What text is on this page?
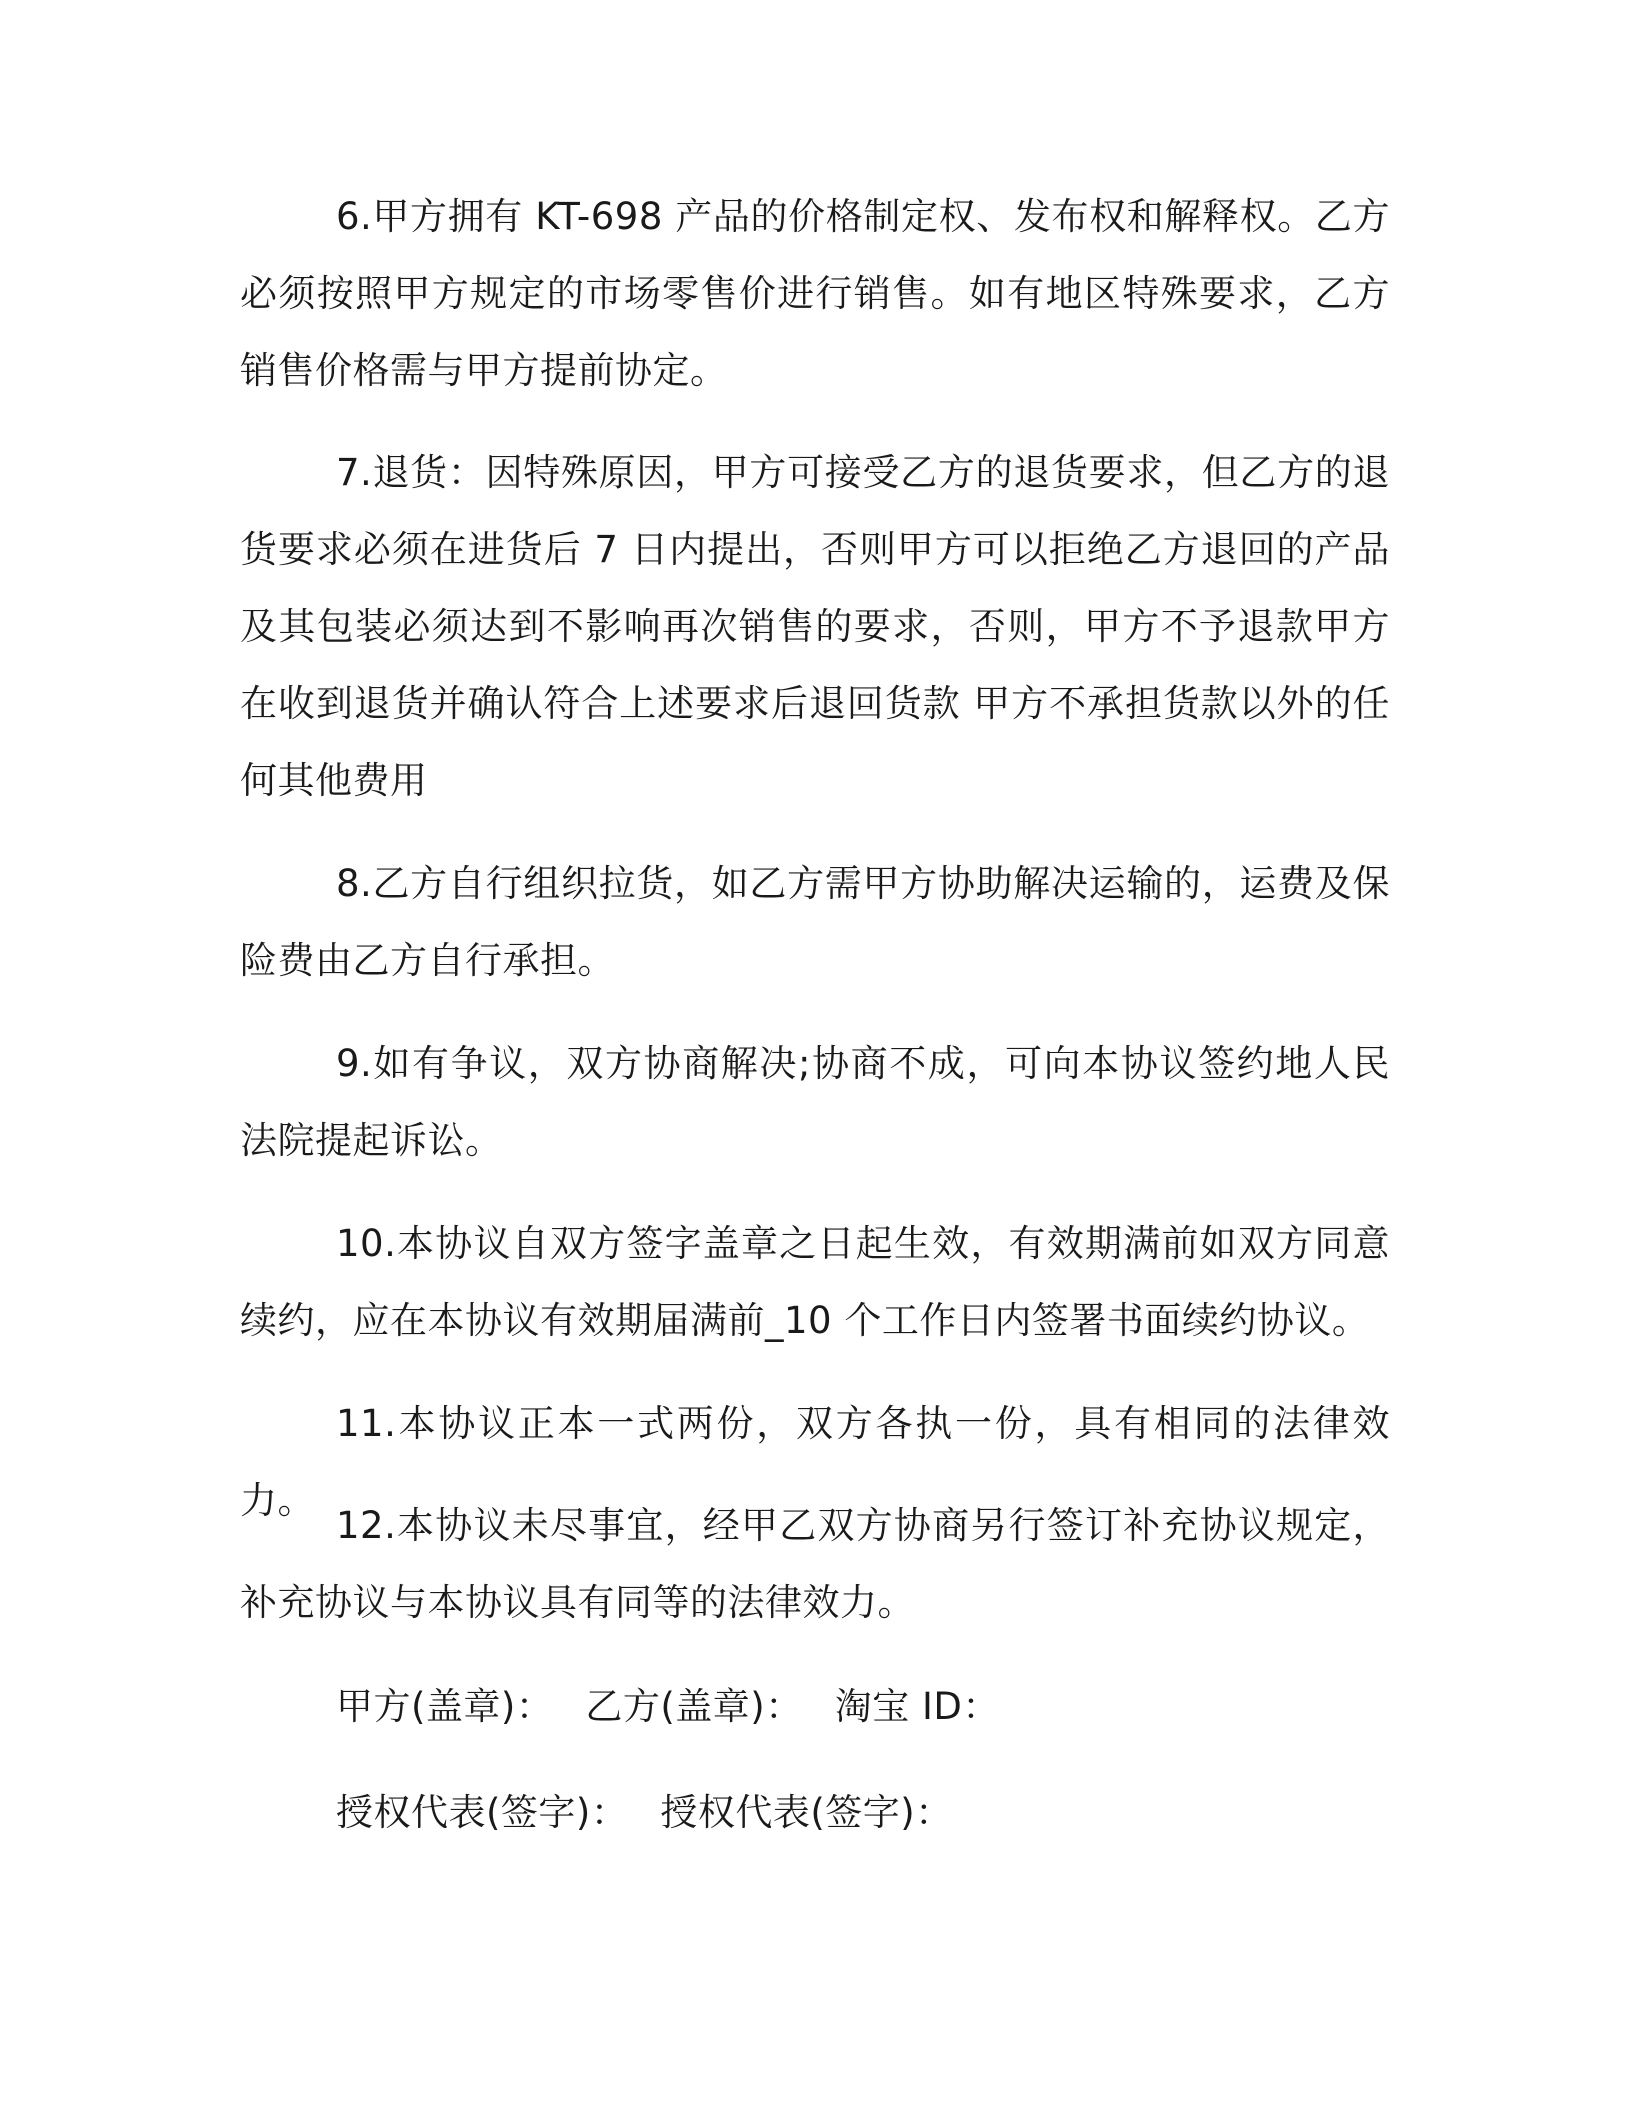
6.甲方拥有 KT-698 产品的价格制定权、发布权和解释权。乙方必须按照甲方规定的市场零售价进行销售。如有地区特殊要求，乙方销售价格需与甲方提前协定。

7.退货：因特殊原因，甲方可接受乙方的退货要求，但乙方的退货要求必须在进货后 7 日内提出，否则甲方可以拒绝乙方退回的产品及其包装必须达到不影响再次销售的要求，否则，甲方不予退款甲方在收到退货并确认符合上述要求后退回货款 甲方不承担货款以外的任何其他费用

8.乙方自行组织拉货，如乙方需甲方协助解决运输的，运费及保险费由乙方自行承担。

9.如有争议，双方协商解决;协商不成，可向本协议签约地人民法院提起诉讼。

10.本协议自双方签字盖章之日起生效，有效期满前如双方同意续约，应在本协议有效期届满前_10 个工作日内签署书面续约协议。

11.本协议正本一式两份，双方各执一份，具有相同的法律效力。

12.本协议未尽事宜，经甲乙双方协商另行签订补充协议规定，补充协议与本协议具有同等的法律效力。

甲方(盖章)： 乙方(盖章)： 淘宝 ID：

授权代表(签字)： 授权代表(签字)：
